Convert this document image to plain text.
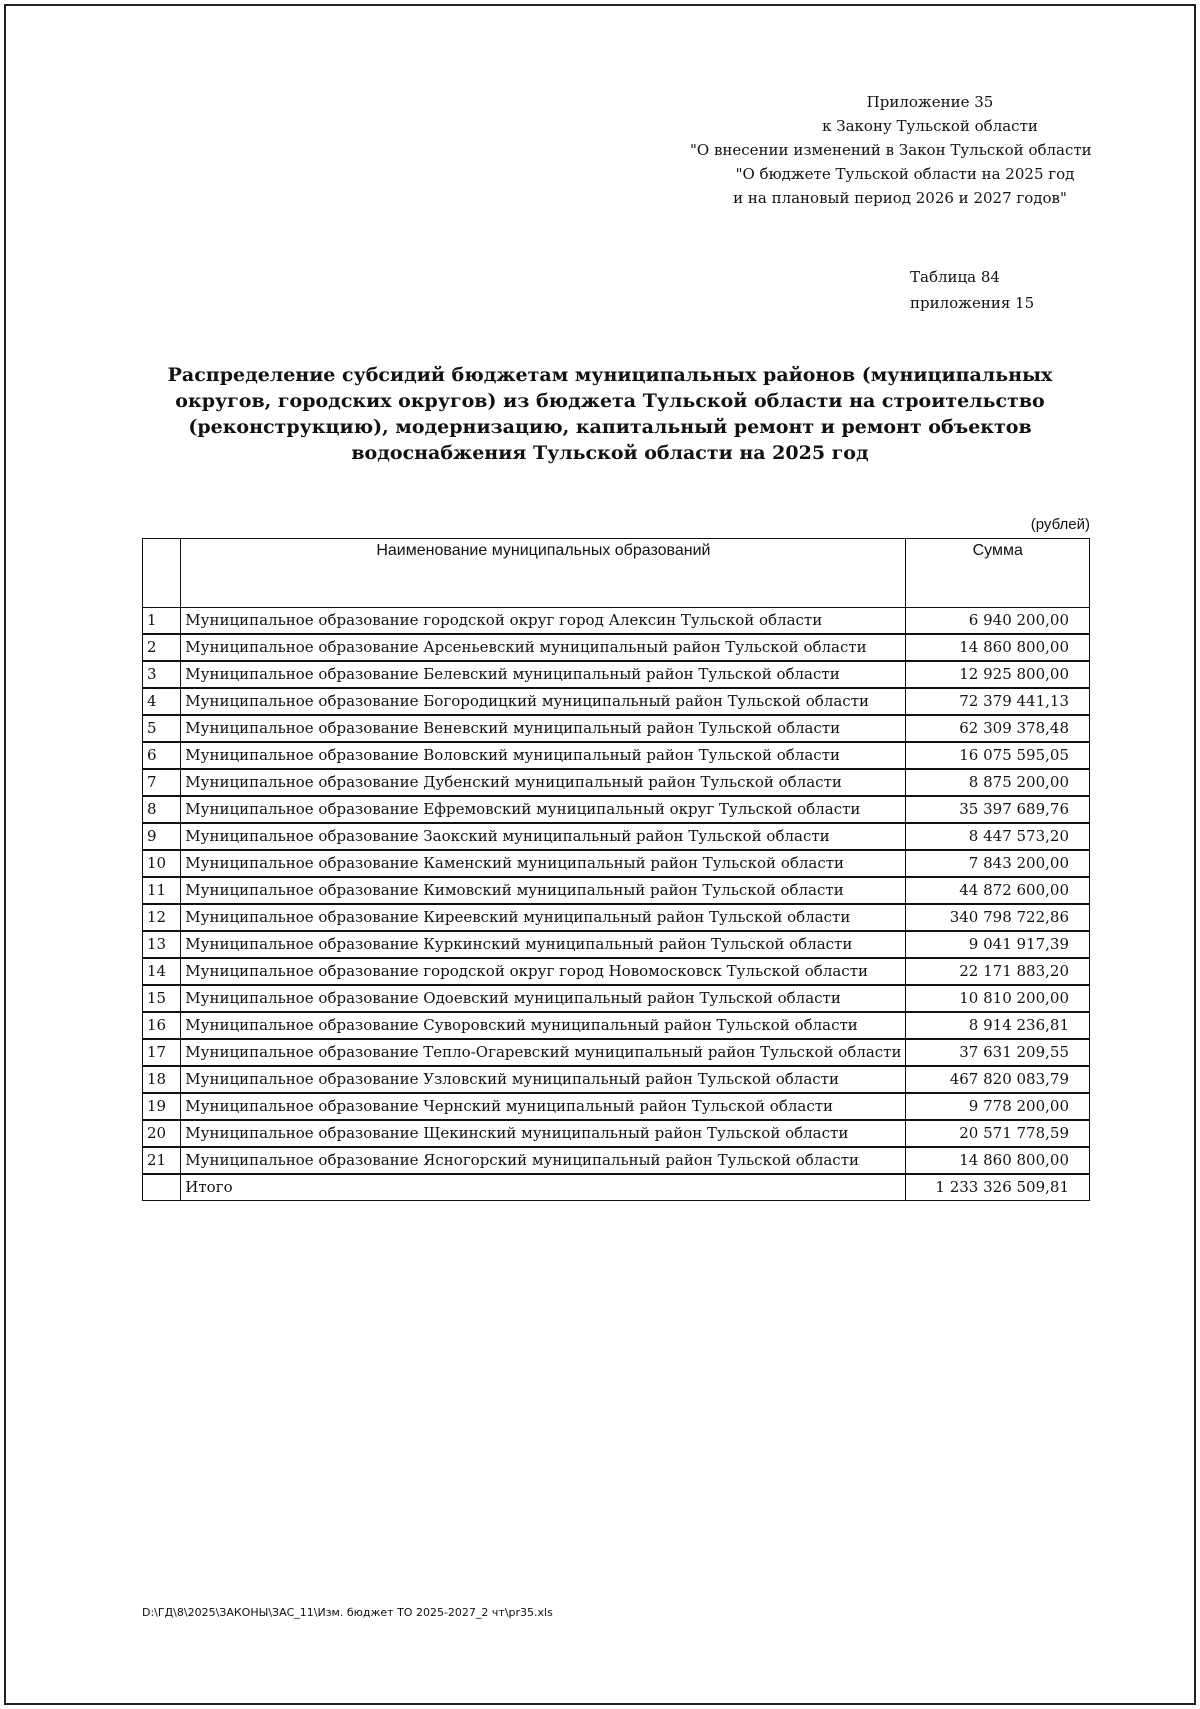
Приложение 35
к Закону Тульской области
"О внесении изменений в Закон Тульской области
"О бюджете Тульской области на 2025 год
и на плановый период 2026 и 2027 годов"
Таблица 84
приложения 15
Распределение субсидий бюджетам муниципальных районов (муниципальных округов, городских округов) из бюджета Тульской области на строительство (реконструкцию), модернизацию, капитальный ремонт и ремонт объектов водоснабжения Тульской области на 2025 год
(рублей)
	Наименование муниципальных образований	Сумма
1	Муниципальное образование городской округ город Алексин Тульской области	6 940 200,00
2	Муниципальное образование Арсеньевский муниципальный район Тульской области	14 860 800,00
3	Муниципальное образование Белевский муниципальный район Тульской области	12 925 800,00
4	Муниципальное образование Богородицкий муниципальный район Тульской области	72 379 441,13
5	Муниципальное образование Веневский муниципальный район Тульской области	62 309 378,48
6	Муниципальное образование Воловский муниципальный район Тульской области	16 075 595,05
7	Муниципальное образование Дубенский муниципальный район Тульской области	8 875 200,00
8	Муниципальное образование Ефремовский муниципальный округ Тульской области	35 397 689,76
9	Муниципальное образование Заокский муниципальный район Тульской области	8 447 573,20
10	Муниципальное образование Каменский муниципальный район Тульской области	7 843 200,00
11	Муниципальное образование Кимовский муниципальный район Тульской области	44 872 600,00
12	Муниципальное образование Киреевский муниципальный район Тульской области	340 798 722,86
13	Муниципальное образование Куркинский муниципальный район Тульской области	9 041 917,39
14	Муниципальное образование городской округ город Новомосковск Тульской области	22 171 883,20
15	Муниципальное образование Одоевский муниципальный район Тульской области	10 810 200,00
16	Муниципальное образование Суворовский муниципальный район Тульской области	8 914 236,81
17	Муниципальное образование Тепло-Огаревский муниципальный район Тульской области	37 631 209,55
18	Муниципальное образование Узловский муниципальный район Тульской области	467 820 083,79
19	Муниципальное образование Чернский муниципальный район Тульской области	9 778 200,00
20	Муниципальное образование Щекинский муниципальный район Тульской области	20 571 778,59
21	Муниципальное образование Ясногорский муниципальный район Тульской области	14 860 800,00
	Итого	1 233 326 509,81
D:\ГД\8\2025\ЗАКОНЫ\ЗАС_11\Изм. бюджет ТО 2025-2027_2 чт\pr35.xls
